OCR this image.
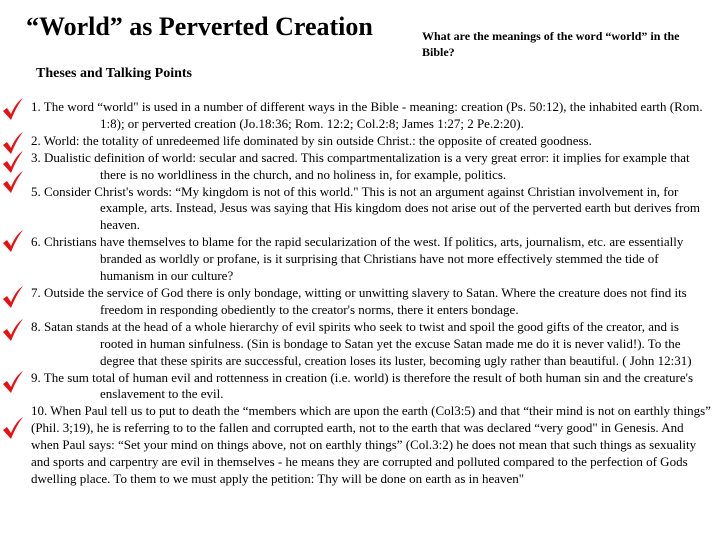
“World” as Perverted Creation	What are the meanings of the word “world” in the Bible?
Theses and Talking Points

1. The word “world" is used in a number of different ways in the Bible - meaning: creation (Ps. 50:12), the inhabited earth (Rom. 1:8); or perverted creation (Jo.18:36; Rom. 12:2; Col.2:8; James 1:27; 2 Pe.2:20).

2. World: the totality of unredeemed life dominated by sin outside Christ.: the opposite of created goodness.

3. Dualistic definition of world: secular and sacred. This compartmentalization is a very great error: it implies for example that there is no worldliness in the church, and no holiness in, for example, politics.

5. Consider Christ's words: “My kingdom is not of this world." This is not an argument against Christian involvement in, for example, arts. Instead, Jesus was saying that His kingdom does not arise out of the perverted earth but derives from heaven.

6. Christians have themselves to blame for the rapid secularization of the west. If politics, arts, journalism, etc. are essentially branded as worldly or profane, is it surprising that Christians have not more effectively stemmed the tide of humanism in our culture?

7. Outside the service of God there is only bondage, witting or unwitting slavery to Satan. Where the creature does not find its freedom in responding obediently to the creator's norms, there it enters bondage.

8. Satan stands at the head of a whole hierarchy of evil spirits who seek to twist and spoil the good gifts of the creator, and is rooted in human sinfulness. (Sin is bondage to Satan yet the excuse Satan made me do it is never valid!). To the degree that these spirits are successful, creation loses its luster, becoming ugly rather than beautiful. ( John 12:31)

9. The sum total of human evil and rottenness in creation (i.e. world) is therefore the result of both human sin and the creature's enslavement to the evil.

10. When Paul tell us to put to death the “members which are upon the earth (Col3:5) and that “their mind is not on earthly things” (Phil. 3;19), he is referring to to the fallen and corrupted earth, not to the earth that was declared “very good" in Genesis. And when Paul says: “Set your mind on things above, not on earthly things” (Col.3:2) he does not mean that such things as sexuality and sports and carpentry are evil in themselves - he means they are corrupted and polluted compared to the perfection of Gods dwelling place. To them to we must apply the petition: Thy will be done on earth as in heaven"
